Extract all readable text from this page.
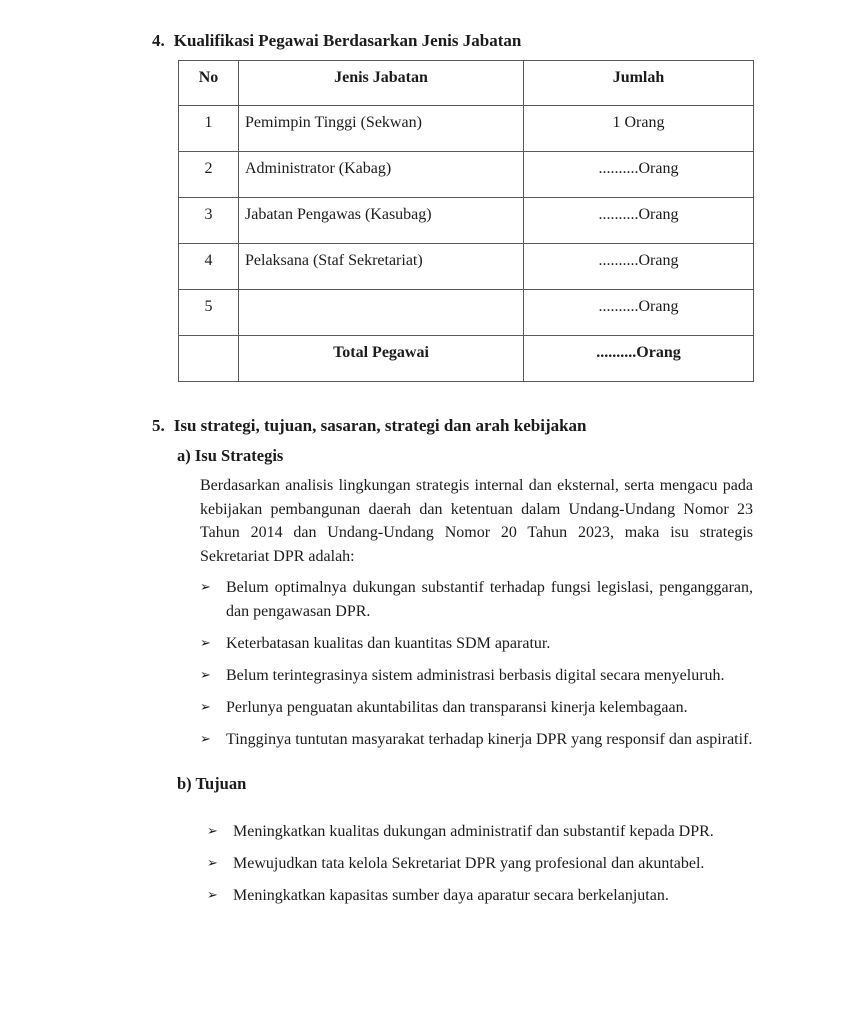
4. Kualifikasi Pegawai Berdasarkan Jenis Jabatan
No	Jenis Jabatan	Jumlah
1	Pemimpin Tinggi (Sekwan)	1 Orang
2	Administrator (Kabag)	..........Orang
3	Jabatan Pengawas (Kasubag)	..........Orang
4	Pelaksana (Staf Sekretariat)	..........Orang
5		..........Orang
	Total Pegawai	..........Orang
5. Isu strategi, tujuan, sasaran, strategi dan arah kebijakan
a) Isu Strategis
Berdasarkan analisis lingkungan strategis internal dan eksternal, serta mengacu pada kebijakan pembangunan daerah dan ketentuan dalam Undang-Undang Nomor 23 Tahun 2014 dan Undang-Undang Nomor 20 Tahun 2023, maka isu strategis Sekretariat DPR adalah:
➢ Belum optimalnya dukungan substantif terhadap fungsi legislasi, penganggaran, dan pengawasan DPR.
➢ Keterbatasan kualitas dan kuantitas SDM aparatur.
➢ Belum terintegrasinya sistem administrasi berbasis digital secara menyeluruh.
➢ Perlunya penguatan akuntabilitas dan transparansi kinerja kelembagaan.
➢ Tingginya tuntutan masyarakat terhadap kinerja DPR yang responsif dan aspiratif.
b) Tujuan
➢ Meningkatkan kualitas dukungan administratif dan substantif kepada DPR.
➢ Mewujudkan tata kelola Sekretariat DPR yang profesional dan akuntabel.
➢ Meningkatkan kapasitas sumber daya aparatur secara berkelanjutan.
